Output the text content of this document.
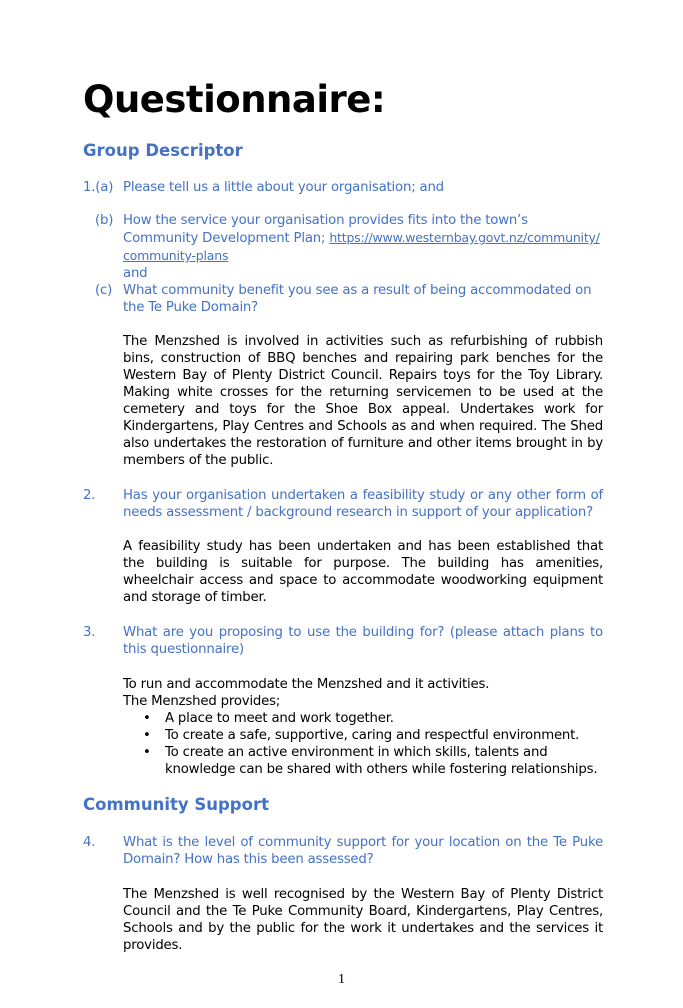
Questionnaire:
Group Descriptor
1.(a) Please tell us a little about your organisation; and
(b) How the service your organisation provides fits into the town’s Community Development Plan; https://www.westernbay.govt.nz/community/community-plans
and
(c) What community benefit you see as a result of being accommodated on the Te Puke Domain?
The Menzshed is involved in activities such as refurbishing of rubbish bins, construction of BBQ benches and repairing park benches for the Western Bay of Plenty District Council. Repairs toys for the Toy Library. Making white crosses for the returning servicemen to be used at the cemetery and toys for the Shoe Box appeal. Undertakes work for Kindergartens, Play Centres and Schools as and when required. The Shed also undertakes the restoration of furniture and other items brought in by members of the public.
2.	Has your organisation undertaken a feasibility study or any other form of needs assessment / background research in support of your application?
A feasibility study has been undertaken and has been established that the building is suitable for purpose. The building has amenities, wheelchair access and space to accommodate woodworking equipment and storage of timber.
3.	What are you proposing to use the building for? (please attach plans to this questionnaire)
To run and accommodate the Menzshed and it activities.
The Menzshed provides;
• A place to meet and work together.
• To create a safe, supportive, caring and respectful environment.
• To create an active environment in which skills, talents and knowledge can be shared with others while fostering relationships.
Community Support
4.	What is the level of community support for your location on the Te Puke Domain? How has this been assessed?
The Menzshed is well recognised by the Western Bay of Plenty District Council and the Te Puke Community Board, Kindergartens, Play Centres, Schools and by the public for the work it undertakes and the services it provides.
1
